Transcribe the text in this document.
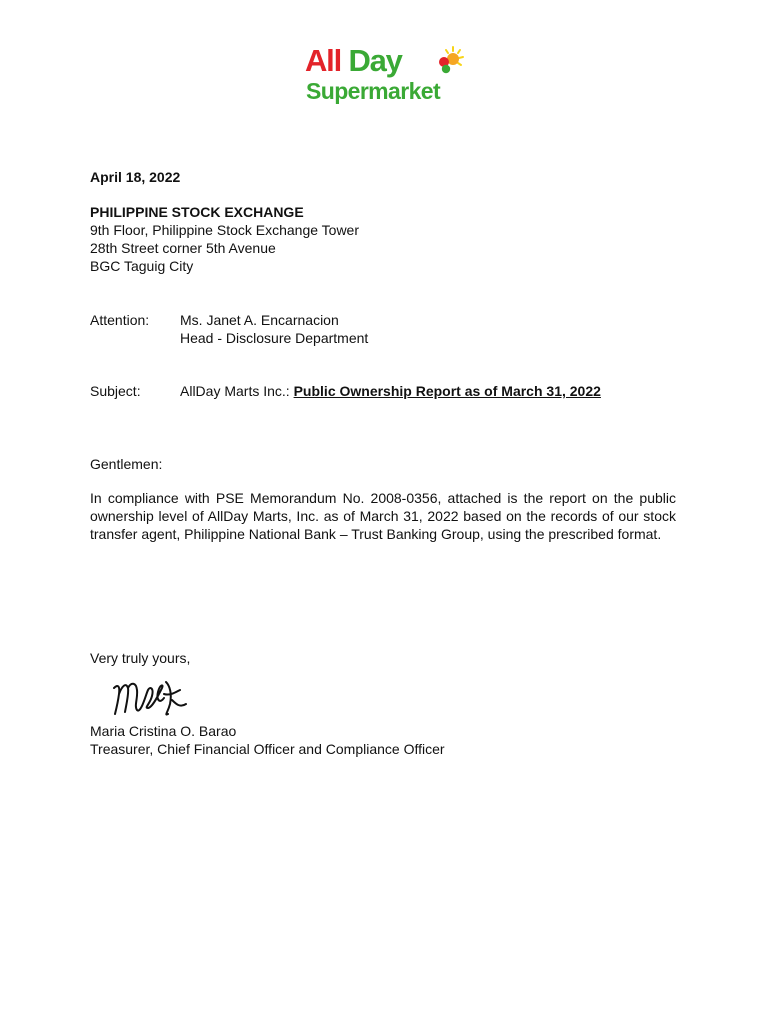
All Day
Supermarket
April 18, 2022
PHILIPPINE STOCK EXCHANGE
9th Floor, Philippine Stock Exchange Tower
28th Street corner 5th Avenue
BGC Taguig City
Attention: Ms. Janet A. Encarnacion
Head - Disclosure Department
Subject:	AllDay Marts Inc.: Public Ownership Report as of March 31, 2022
Gentlemen:
In compliance with PSE Memorandum No. 2008-0356, attached is the report on the public ownership level of AllDay Marts, Inc. as of March 31, 2022 based on the records of our stock transfer agent, Philippine National Bank – Trust Banking Group, using the prescribed format.
Very truly yours,
Maria Cristina O. Barao
Treasurer, Chief Financial Officer and Compliance Officer
